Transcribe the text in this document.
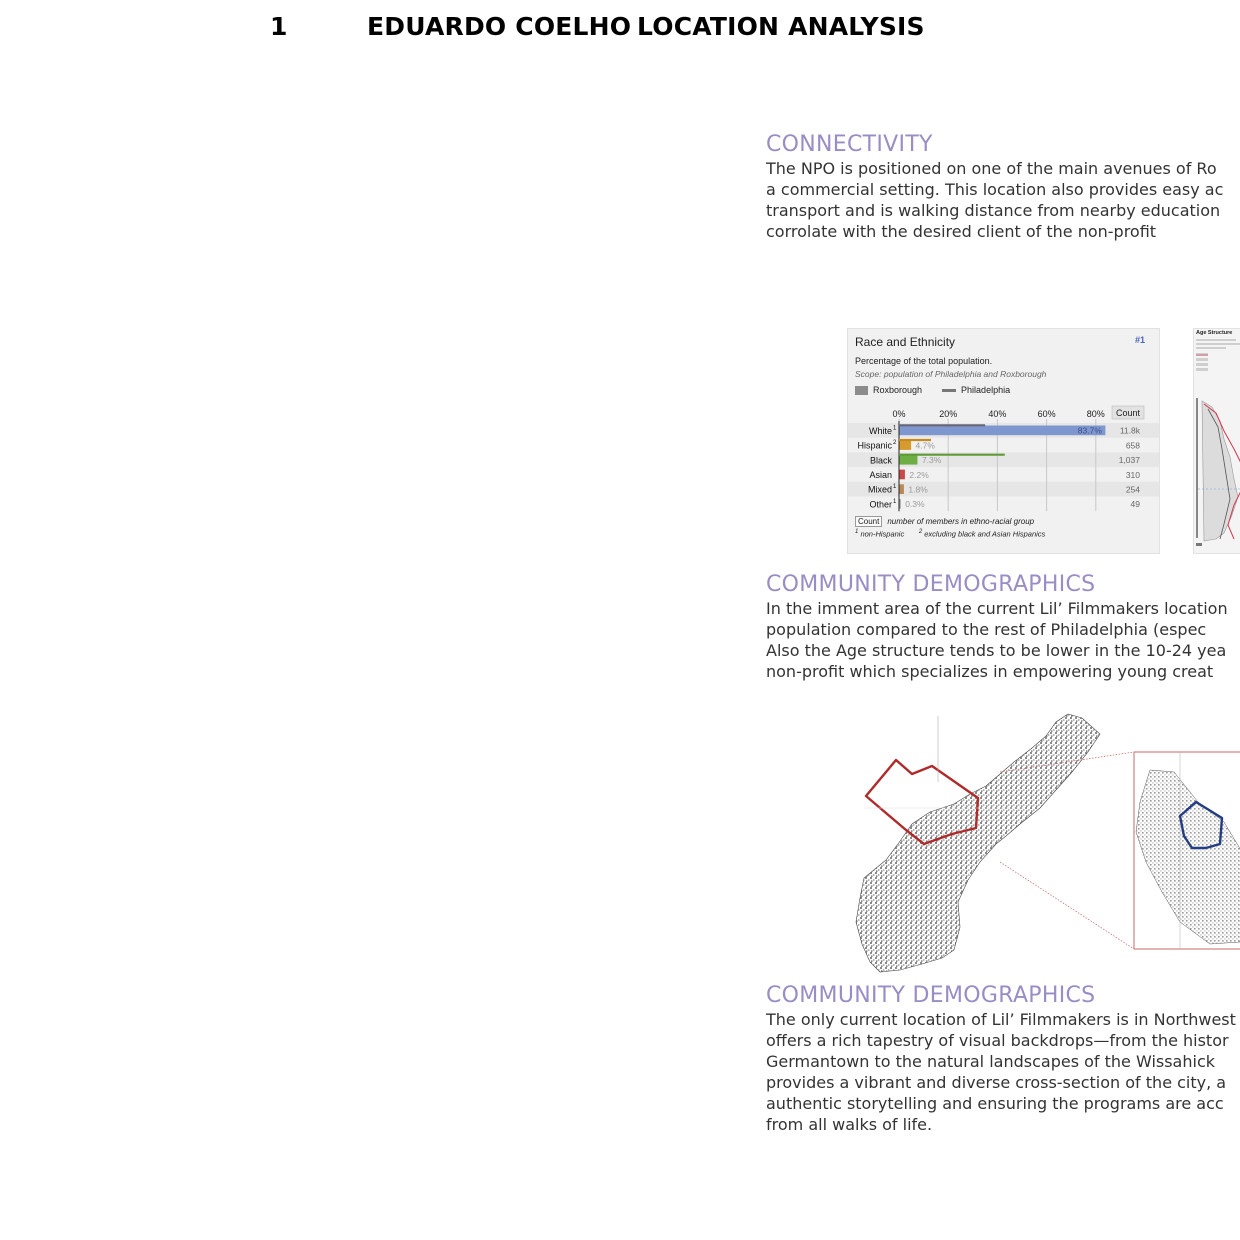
1	EDUARDO COELHO LOCATION ANALYSIS
CONNECTIVITY
The NPO is positioned on one of the main avenues of Ro
a commercial setting. This location also provides easy ac
transport and is walking distance from nearby education
corrolate with the desired client of the non-profit
Race and Ethnicity	#1
Percentage of the total population.
Scope: population of Philadelphia and Roxborough
Roxborough	Philadelphia
0%	20%	40%	60%	80% Count
White 1	83.7% 11.8k
Hispanic 2 4.7%	658
Black	7.3%	1,037
Asian 2.2%	310
Mixed 1 1.8%	254
Other 1 0.3%	49
Count	number of members in ethno-racial group
$^1$ non-Hispanic $^2$ excluding black and Asian Hispanics
Age Structure
COMMUNITY DEMOGRAPHICS
In the imment area of the current Lil’ Filmmakers location
population compared to the rest of Philadelphia (espec
Also the Age structure tends to be lower in the 10-24 yea
non-profit which specializes in empowering young creat
COMMUNITY DEMOGRAPHICS
The only current location of Lil’ Filmmakers is in Northwest
offers a rich tapestry of visual backdrops—from the histor
Germantown to the natural landscapes of the Wissahick
provides a vibrant and diverse cross-section of the city, a
authentic storytelling and ensuring the programs are acc
from all walks of life.
